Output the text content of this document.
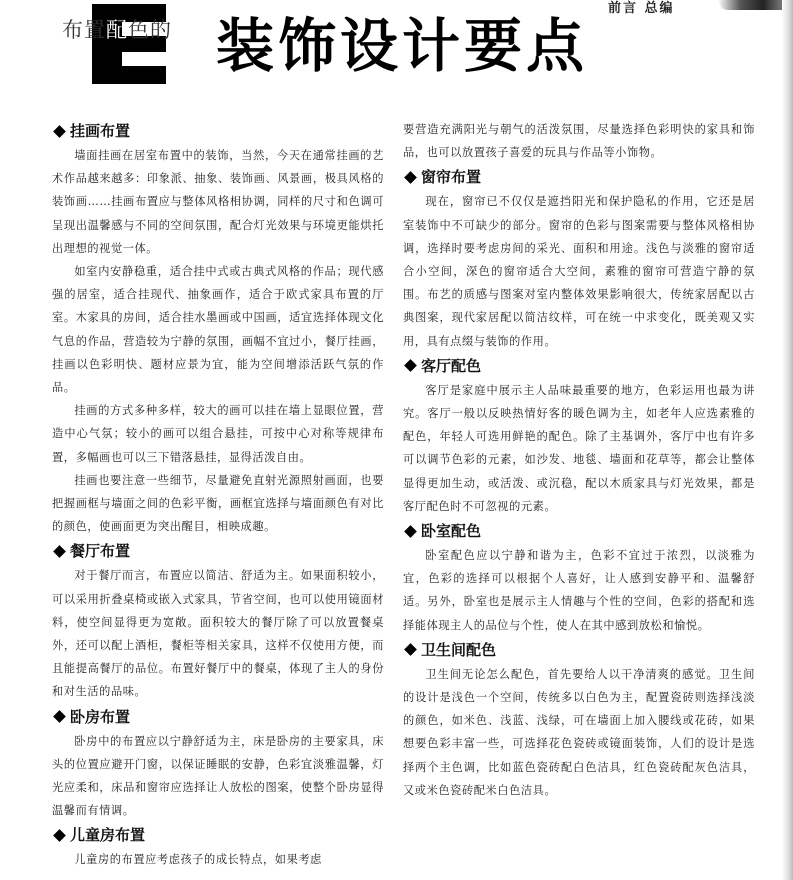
前言 总编
布置配色的 装饰设计要点
挂画布置

墙面挂画在居室布置中的装饰，当然，今天在通常挂画的艺术作品越来越多：印象派、抽象、装饰画、风景画，极具风格的装饰画……挂画布置应与整体风格相协调，同样的尺寸和色调可呈现出温馨感与不同的空间氛围，配合灯光效果与环境更能烘托出理想的视觉一体。

如室内安静稳重，适合挂中式或古典式风格的作品；现代感强的居室，适合挂现代、抽象画作，适合于欧式家具布置的厅室。木家具的房间，适合挂水墨画或中国画，适宜选择体现文化气息的作品，营造较为宁静的氛围，画幅不宜过小，餐厅挂画，挂画以色彩明快、题材应景为宜，能为空间增添活跃气氛的作品。

挂画的方式多种多样，较大的画可以挂在墙上显眼位置，营造中心气氛；较小的画可以组合悬挂，可按中心对称等规律布置，多幅画也可以三下错落悬挂，显得活泼自由。

挂画也要注意一些细节，尽量避免直射光源照射画面，也要把握画框与墙面之间的色彩平衡，画框宜选择与墙面颜色有对比的颜色，使画面更为突出醒目，相映成趣。

餐厅布置

对于餐厅而言，布置应以简洁、舒适为主。如果面积较小，可以采用折叠桌椅或嵌入式家具，节省空间，也可以使用镜面材料，使空间显得更为宽敞。面积较大的餐厅除了可以放置餐桌外，还可以配上酒柜，餐柜等相关家具，这样不仅使用方便，而且能提高餐厅的品位。布置好餐厅中的餐桌，体现了主人的身份和对生活的品味。

卧房布置

卧房中的布置应以宁静舒适为主，床是卧房的主要家具，床头的位置应避开门窗，以保证睡眠的安静，色彩宜淡雅温馨，灯光应柔和，床品和窗帘应选择让人放松的图案，使整个卧房显得温馨而有情调。

儿童房布置

儿童房的布置应考虑孩子的成长特点，如果考虑

要营造充满阳光与朝气的活泼氛围，尽量选择色彩明快的家具和饰品，也可以放置孩子喜爱的玩具与作品等小饰物。

窗帘布置

现在，窗帘已不仅仅是遮挡阳光和保护隐私的作用，它还是居室装饰中不可缺少的部分。窗帘的色彩与图案需要与整体风格相协调，选择时要考虑房间的采光、面积和用途。浅色与淡雅的窗帘适合小空间，深色的窗帘适合大空间，素雅的窗帘可营造宁静的氛围。布艺的质感与图案对室内整体效果影响很大，传统家居配以古典图案，现代家居配以简洁纹样，可在统一中求变化，既美观又实用，具有点缀与装饰的作用。

客厅配色

客厅是家庭中展示主人品味最重要的地方，色彩运用也最为讲究。客厅一般以反映热情好客的暖色调为主，如老年人应选素雅的配色，年轻人可选用鲜艳的配色。除了主基调外，客厅中也有许多可以调节色彩的元素，如沙发、地毯、墙面和花草等，都会让整体显得更加生动，或活泼、或沉稳，配以木质家具与灯光效果，都是客厅配色时不可忽视的元素。

卧室配色

卧室配色应以宁静和谐为主，色彩不宜过于浓烈，以淡雅为宜，色彩的选择可以根据个人喜好，让人感到安静平和、温馨舒适。另外，卧室也是展示主人情趣与个性的空间，色彩的搭配和选择能体现主人的品位与个性，使人在其中感到放松和愉悦。

卫生间配色

卫生间无论怎么配色，首先要给人以干净清爽的感觉。卫生间的设计是浅色一个空间，传统多以白色为主，配置瓷砖则选择浅淡的颜色，如米色、浅蓝、浅绿，可在墙面上加入腰线或花砖，如果想要色彩丰富一些，可选择花色瓷砖或镜面装饰，人们的设计是选择两个主色调，比如蓝色瓷砖配白色洁具，红色瓷砖配灰色洁具，又或米色瓷砖配米白色洁具。
